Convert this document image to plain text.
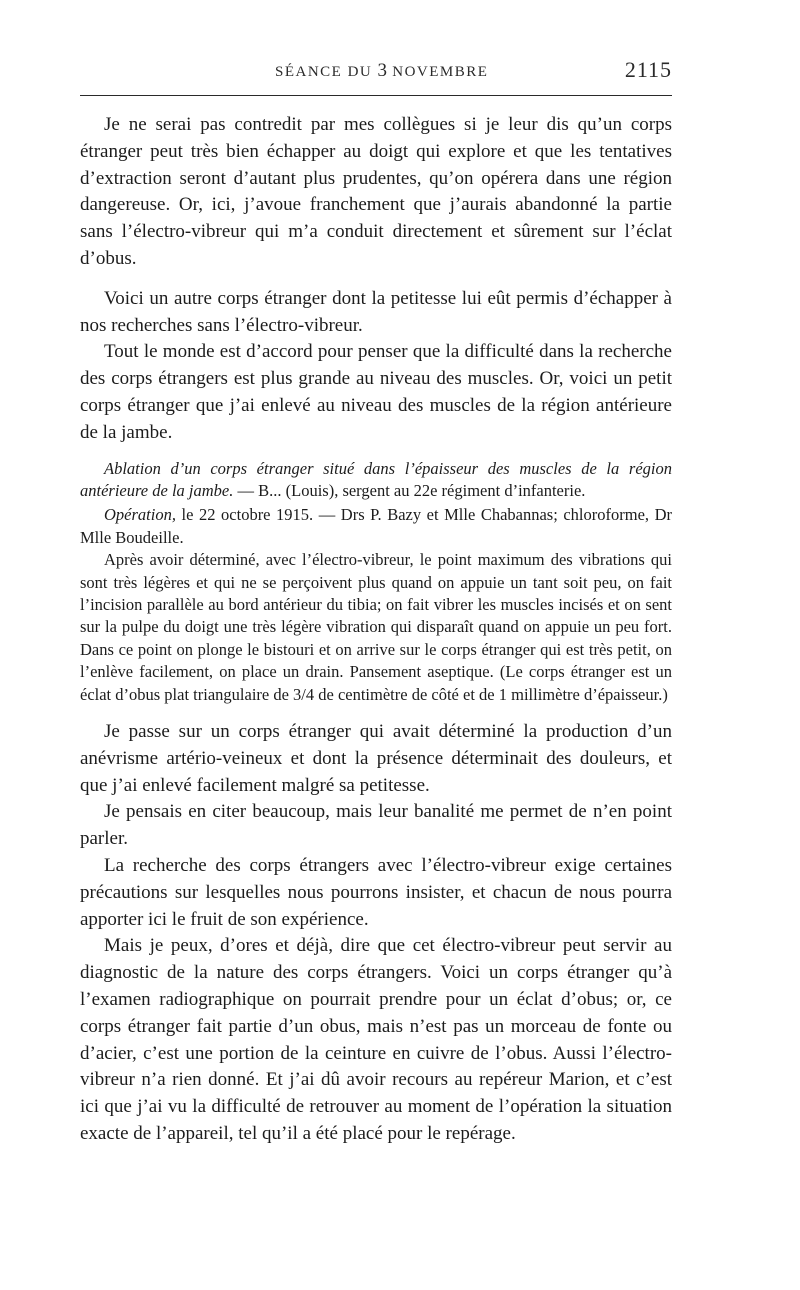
SÉANCE DU 3 NOVEMBRE	2115

Je ne serai pas contredit par mes collègues si je leur dis qu’un corps étranger peut très bien échapper au doigt qui explore et que les tentatives d’extraction seront d’autant plus prudentes, qu’on opérera dans une région dangereuse. Or, ici, j’avoue franchement que j’aurais abandonné la partie sans l’électro-vibreur qui m’a conduit directement et sûrement sur l’éclat d’obus.

Voici un autre corps étranger dont la petitesse lui eût permis d’échapper à nos recherches sans l’électro-vibreur.

Tout le monde est d’accord pour penser que la difficulté dans la recherche des corps étrangers est plus grande au niveau des muscles. Or, voici un petit corps étranger que j’ai enlevé au niveau des muscles de la région antérieure de la jambe.

Ablation d’un corps étranger situé dans l’épaisseur des muscles de la région antérieure de la jambe. — B... (Louis), sergent au 22e régiment d’infanterie.

Opération, le 22 octobre 1915. — Drs P. Bazy et Mlle Chabannas; chloroforme, Dr Mlle Boudeille.

Après avoir déterminé, avec l’électro-vibreur, le point maximum des vibrations qui sont très légères et qui ne se perçoivent plus quand on appuie un tant soit peu, on fait l’incision parallèle au bord antérieur du tibia; on fait vibrer les muscles incisés et on sent sur la pulpe du doigt une très légère vibration qui disparaît quand on appuie un peu fort. Dans ce point on plonge le bistouri et on arrive sur le corps étranger qui est très petit, on l’enlève facilement, on place un drain. Pansement aseptique. (Le corps étranger est un éclat d’obus plat triangulaire de 3/4 de centimètre de côté et de 1 millimètre d’épaisseur.)

Je passe sur un corps étranger qui avait déterminé la production d’un anévrisme artério-veineux et dont la présence déterminait des douleurs, et que j’ai enlevé facilement malgré sa petitesse.

Je pensais en citer beaucoup, mais leur banalité me permet de n’en point parler.

La recherche des corps étrangers avec l’électro-vibreur exige certaines précautions sur lesquelles nous pourrons insister, et chacun de nous pourra apporter ici le fruit de son expérience.

Mais je peux, d’ores et déjà, dire que cet électro-vibreur peut servir au diagnostic de la nature des corps étrangers. Voici un corps étranger qu’à l’examen radiographique on pourrait prendre pour un éclat d’obus; or, ce corps étranger fait partie d’un obus, mais n’est pas un morceau de fonte ou d’acier, c’est une portion de la ceinture en cuivre de l’obus. Aussi l’électro-vibreur n’a rien donné. Et j’ai dû avoir recours au repéreur Marion, et c’est ici que j’ai vu la difficulté de retrouver au moment de l’opération la situation exacte de l’appareil, tel qu’il a été placé pour le repérage.
